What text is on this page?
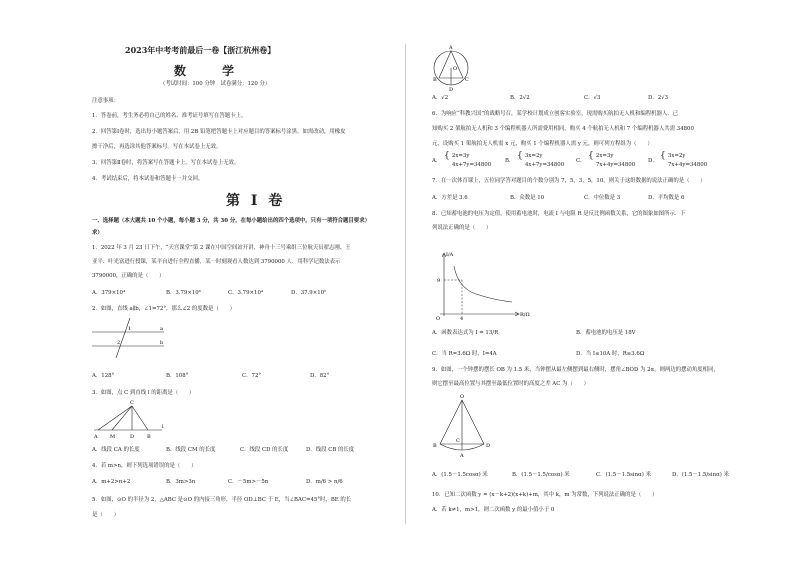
2023年中考考前最后一卷【浙江杭州卷】
数 学
（考试时间：100 分钟　试卷满分：120 分）
注意事项：
1．答卷前，考生务必将自己的姓名、准考证号填写在答题卡上。
2．回答第Ⅰ卷时，选出每小题答案后，用 2B 铅笔把答题卡上对应题目的答案标号涂黑。如需改动，用橡皮
擦干净后，再选涂其他答案标号。写在本试卷上无效。
3．回答第Ⅱ卷时，将答案写在答题卡上。写在本试卷上无效。
4．考试结束后，将本试卷和答题卡一并交回。
第 I 卷
一、选择题（本大题共 10 个小题，每小题 3 分，共 30 分，在每小题给出的四个选项中，只有一项符合题目要求）
求）
1．2022 年 3 月 23 日下午，“天宫课堂”第 2 课在中国空间站开讲，神舟十三号乘组三位航天员翟志刚、王
亚平、叶光富进行授课，某平台进行全程直播，某一时刻观看人数达到 3790000 人．用科学记数法表示
3790000，正确的是（　　）
A．379×10⁴	B．3.79×10⁶	C．3.79×10⁴	D．37.9×10⁵
2．如图，直线 a∥b，∠1=72°，那么∠2 的度数是（　　）
a
b
1
2
A．128°	B．108°	C．72°	D．82°
3．如图，点 C 到直线 l 的距离是（　　）
A M	D	B
C
l
A．线段 CA 的长度	B．线段 CM 的长度	C．线段 CD 的长度	D．线段 CB 的长度
4．若 m>n，则下列选项错误的是（　　）
A．m+2>n+2	B．3m>3n	C．－5m>－5n	D．m/6 > n/6
5．如图，⊙O 的半径为 2，△ABC 是⊙O 的内接三角形，半径 OD⊥BC 于 E，当∠BAC=45°时，BE 的长
是（　　）
A
B	C
D
O
A．√2	B．2√2	C．√3	D．2√3
6．为响应“科教兴国”的战略号召，某学校计划成立创客实验室，现需购买航拍无人机和编程机器人．已
知购买 2 架航拍无人机和 3 个编程机器人所需费用相同，购买 4 个航拍无人机和 7 个编程机器人共需 34800
元，设购买 1 架航拍无人机需 x 元，购买 1 个编程机器人需 y 元，则可列方程组为（　　）
A． { 2x=3y
4x+7y=34800
B． { 3x=2y
4x+7y=34800
C． { 2x=3y
7x+4y=34800
D． { 3x=2y
7x+4y=34800
7．在一次体育课上，五位同学答对题目的个数分别为 7，5，3，5，10，则关于这组数据的说法正确的是（　　）
A．方差是 3.6	B．众数是 10	C．中位数是 3	D．平均数是 6
8．已知蓄电池的电压为定值，使用蓄电池时，电流 I 与电阻 R 是反比例函数关系，它的图象如图所示．下
列说法正确的是（　　）
I/A
R/Ω
O
9
4
A．函数表达式为 I = 13/R	B．蓄电池的电压是 18V
C．当 R=3.6Ω 时，I=4A	D．当 I≤10A 时，R≥3.6Ω
9．如图，一个钟摆的摆长 OB 为 1.5 米，当钟摆从最左侧摆到最右侧时，摆角∠BOD 为 2α，则两边的摆动角度相同，
则它摆至最高位置与其摆至最低位置时的高度之差 AC 为（　　）
O
B
C
D
A
A．(1.5－1.5cosα) 米	B．(1.5－1.5/cosα) 米	C．(1.5－1.5sinα) 米	D．(1.5－1.5/sinα) 米
10．已知二次函数 y = (x－k+2)(x+k)+m，其中 k，m 为常数，下列说法正确的是（　　）
A．若 k≠1，m>1，则二次函数 y 的最小值小于 0
